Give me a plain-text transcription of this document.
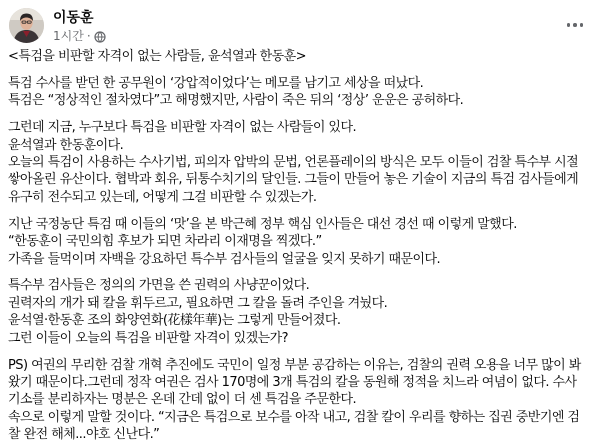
이동훈
1시간 ·

<특검을 비판할 자격이 없는 사람들, 윤석열과 한동훈>

특검 수사를 받던 한 공무원이 ‘강압적이었다’는 메모를 남기고 세상을 떠났다.
특검은 “정상적인 절차였다”고 해명했지만, 사람이 죽은 뒤의 ‘정상’ 운운은 공허하다.

그런데 지금, 누구보다 특검을 비판할 자격이 없는 사람들이 있다.
윤석열과 한동훈이다.
오늘의 특검이 사용하는 수사기법, 피의자 압박의 문법, 언론플레이의 방식은 모두 이들이 검찰 특수부 시절 쌓아올린 유산이다. 협박과 회유, 뒤통수치기의 달인들. 그들이 만들어 놓은 기술이 지금의 특검 검사들에게 유구히 전수되고 있는데, 어떻게 그걸 비판할 수 있겠는가.

지난 국정농단 특검 때 이들의 ‘맛’을 본 박근혜 정부 핵심 인사들은 대선 경선 때 이렇게 말했다.
“한동훈이 국민의힘 후보가 되면 차라리 이재명을 찍겠다.”
가족을 들먹이며 자백을 강요하던 특수부 검사들의 얼굴을 잊지 못하기 때문이다.

특수부 검사들은 정의의 가면을 쓴 권력의 사냥꾼이었다.
권력자의 개가 돼 칼을 휘두르고, 필요하면 그 칼을 돌려 주인을 겨눴다.
윤석열·한동훈 조의 화양연화(花樣年華)는 그렇게 만들어졌다.
그런 이들이 오늘의 특검을 비판할 자격이 있겠는가?

PS) 여권의 무리한 검찰 개혁 추진에도 국민이 일정 부분 공감하는 이유는, 검찰의 권력 오용을 너무 많이 봐왔기 때문이다.그런데 정작 여권은 검사 170명에 3개 특검의 칼을 동원해 정적을 치느라 여념이 없다. 수사 기소를 분리하자는 명분은 온데 간데 없이 더 센 특검을 주문한다.
속으로 이렇게 말할 것이다. “지금은 특검으로 보수를 아작 내고, 검찰 칼이 우리를 향하는 집권 중반기엔 검찰 완전 해체...야호 신난다.”
